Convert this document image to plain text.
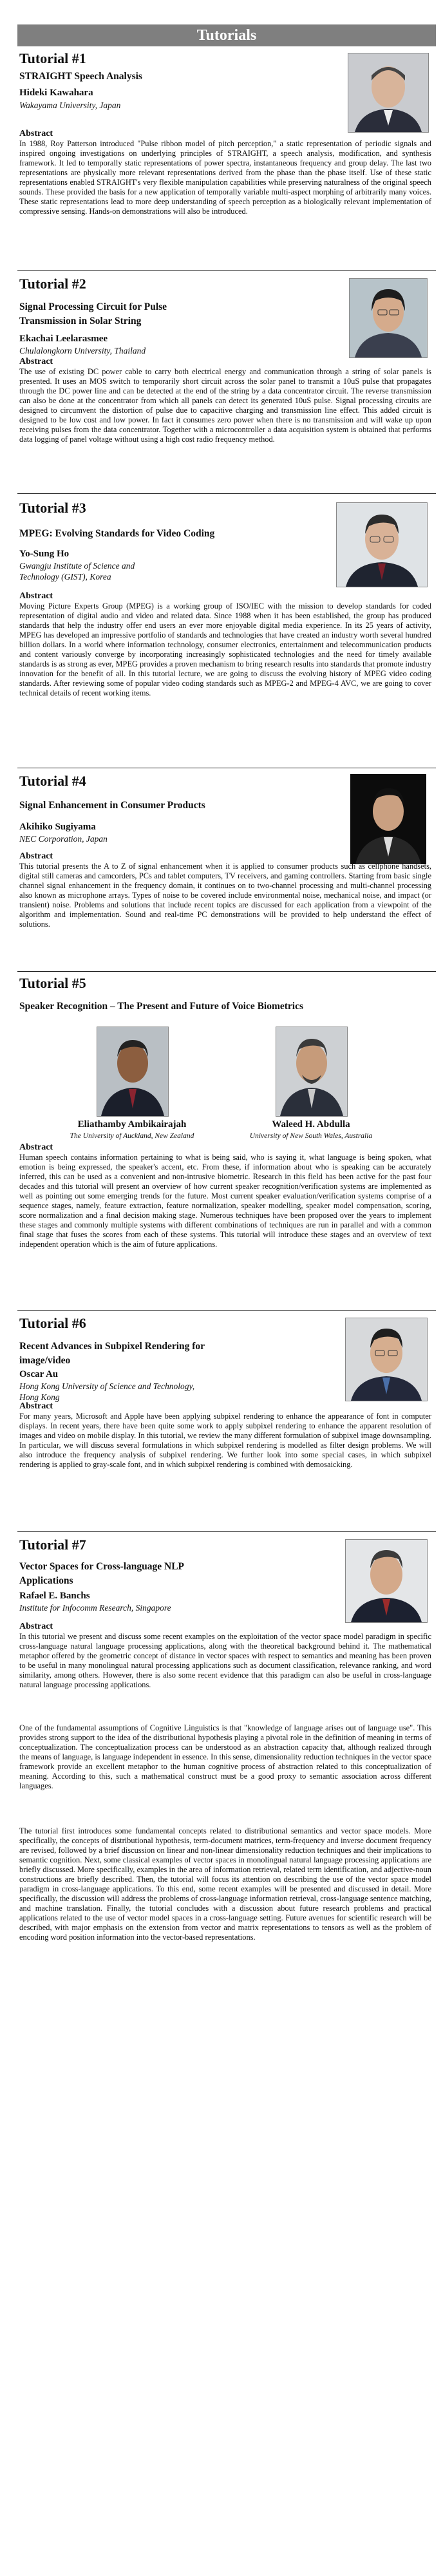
Tutorials
Tutorial #1
STRAIGHT Speech Analysis
Hideki Kawahara
Wakayama University, Japan
Abstract

In 1988, Roy Patterson introduced "Pulse ribbon model of pitch perception," a static representation of periodic signals and inspired ongoing investigations on underlying principles of STRAIGHT, a speech analysis, modification, and synthesis framework. It led to temporally static representations of power spectra, instantaneous frequency and group delay. The last two representations are physically more relevant representations derived from the phase than the phase itself. Use of these static representations enabled STRAIGHT's very flexible manipulation capabilities while preserving naturalness of the original speech sounds. These provided the basis for a new application of temporally variable multi-aspect morphing of arbitrarily many voices. These static representations lead to more deep understanding of speech perception as a biologically relevant implementation of compressive sensing. Hands-on demonstrations will also be introduced.

Tutorial #2
Signal Processing Circuit for Pulse Transmission in Solar String
Ekachai Leelarasmee
Chulalongkorn University, Thailand
Abstract

The use of existing DC power cable to carry both electrical energy and communication through a string of solar panels is presented. It uses an MOS switch to temporarily short circuit across the solar panel to transmit a 10uS pulse that propagates through the DC power line and can be detected at the end of the string by a data concentrator circuit. The reverse transmission can also be done at the concentrator from which all panels can detect its generated 10uS pulse. Signal processing circuits are designed to circumvent the distortion of pulse due to capacitive charging and transmission line effect. This added circuit is designed to be low cost and low power. In fact it consumes zero power when there is no transmission and will wake up upon receiving pulses from the data concentrator. Together with a microcontroller a data acquisition system is obtained that performs data logging of panel voltage without using a high cost radio frequency method.

Tutorial #3
MPEG: Evolving Standards for Video Coding
Yo-Sung Ho
Gwangju Institute of Science and Technology (GIST), Korea
Abstract

Moving Picture Experts Group (MPEG) is a working group of ISO/IEC with the mission to develop standards for coded representation of digital audio and video and related data. Since 1988 when it has been established, the group has produced standards that help the industry offer end users an ever more enjoyable digital media experience. In its 25 years of activity, MPEG has developed an impressive portfolio of standards and technologies that have created an industry worth several hundred billion dollars. In a world where information technology, consumer electronics, entertainment and telecommunication products and content variously converge by incorporating increasingly sophisticated technologies and the need for timely available standards is as strong as ever, MPEG provides a proven mechanism to bring research results into standards that promote industry innovation for the benefit of all. In this tutorial lecture, we are going to discuss the evolving history of MPEG video coding standards. After reviewing some of popular video coding standards such as MPEG-2 and MPEG-4 AVC, we are going to cover technical details of recent working items.

Tutorial #4
Signal Enhancement in Consumer Products
Akihiko Sugiyama
NEC Corporation, Japan
Abstract

This tutorial presents the A to Z of signal enhancement when it is applied to consumer products such as cellphone handsets, digital still cameras and camcorders, PCs and tablet computers, TV receivers, and gaming controllers. Starting from basic single channel signal enhancement in the frequency domain, it continues on to two-channel processing and multi-channel processing also known as microphone arrays. Types of noise to be covered include environmental noise, mechanical noise, and impact (or transient) noise. Problems and solutions that include recent topics are discussed for each application from a viewpoint of the algorithm and implementation. Sound and real-time PC demonstrations will be provided to help understand the effect of solutions.

Tutorial #5
Speaker Recognition – The Present and Future of Voice Biometrics
Eliathamby Ambikairajah
The University of Auckland, New Zealand
Waleed H. Abdulla
University of New South Wales, Australia
Abstract

Human speech contains information pertaining to what is being said, who is saying it, what language is being spoken, what emotion is being expressed, the speaker's accent, etc. From these, if information about who is speaking can be accurately inferred, this can be used as a convenient and non-intrusive biometric. Research in this field has been active for the past four decades and this tutorial will present an overview of how current speaker recognition/verification systems are implemented as well as pointing out some emerging trends for the future. Most current speaker evaluation/verification systems comprise of a sequence stages, namely, feature extraction, feature normalization, speaker modelling, speaker model compensation, scoring, score normalization and a final decision making stage. Numerous techniques have been proposed over the years to implement these stages and commonly multiple systems with different combinations of techniques are run in parallel and with a common final stage that fuses the scores from each of these systems. This tutorial will introduce these stages and an overview of text independent operation which is the aim of future applications.

Tutorial #6
Recent Advances in Subpixel Rendering for image/video
Oscar Au
Hong Kong University of Science and Technology, Hong Kong
Abstract

For many years, Microsoft and Apple have been applying subpixel rendering to enhance the appearance of font in computer displays. In recent years, there have been quite some work to apply subpixel rendering to enhance the apparent resolution of images and video on mobile display. In this tutorial, we review the many different formulation of subpixel image downsampling. In particular, we will discuss several formulations in which subpixel rendering is modelled as filter design problems. We will also introduce the frequency analysis of subpixel rendering. We further look into some special cases, in which subpixel rendering is applied to gray-scale font, and in which subpixel rendering is combined with demosaicking.

Tutorial #7
Vector Spaces for Cross-language NLP Applications
Rafael E. Banchs
Institute for Infocomm Research, Singapore
Abstract

In this tutorial we present and discuss some recent examples on the exploitation of the vector space model paradigm in specific cross-language natural language processing applications, along with the theoretical background behind it. The mathematical metaphor offered by the geometric concept of distance in vector spaces with respect to semantics and meaning has been proven to be useful in many monolingual natural processing applications such as document classification, relevance ranking, and word similarity, among others. However, there is also some recent evidence that this paradigm can also be useful in cross-language natural language processing applications.

One of the fundamental assumptions of Cognitive Linguistics is that "knowledge of language arises out of language use". This provides strong support to the idea of the distributional hypothesis playing a pivotal role in the definition of meaning in terms of conceptualization. The conceptualization process can be understood as an abstraction capacity that, although realized through the means of language, is language independent in essence. In this sense, dimensionality reduction techniques in the vector space framework provide an excellent metaphor to the human cognitive process of abstraction related to this conceptualization of meaning. According to this, such a mathematical construct must be a good proxy to semantic association across different languages.

The tutorial first introduces some fundamental concepts related to distributional semantics and vector space models. More specifically, the concepts of distributional hypothesis, term-document matrices, term-frequency and inverse document frequency are revised, followed by a brief discussion on linear and non-linear dimensionality reduction techniques and their implications to semantic cognition. Next, some classical examples of vector spaces in monolingual natural language processing applications are briefly discussed. More specifically, examples in the area of information retrieval, related term identification, and adjective-noun constructions are briefly described. Then, the tutorial will focus its attention on describing the use of the vector space model paradigm in cross-language applications. To this end, some recent examples will be presented and discussed in detail. More specifically, the discussion will address the problems of cross-language information retrieval, cross-language sentence matching, and machine translation. Finally, the tutorial concludes with a discussion about future research problems and practical applications related to the use of vector model spaces in a cross-language setting. Future avenues for scientific research will be described, with major emphasis on the extension from vector and matrix representations to tensors as well as the problem of encoding word position information into the vector-based representations.
